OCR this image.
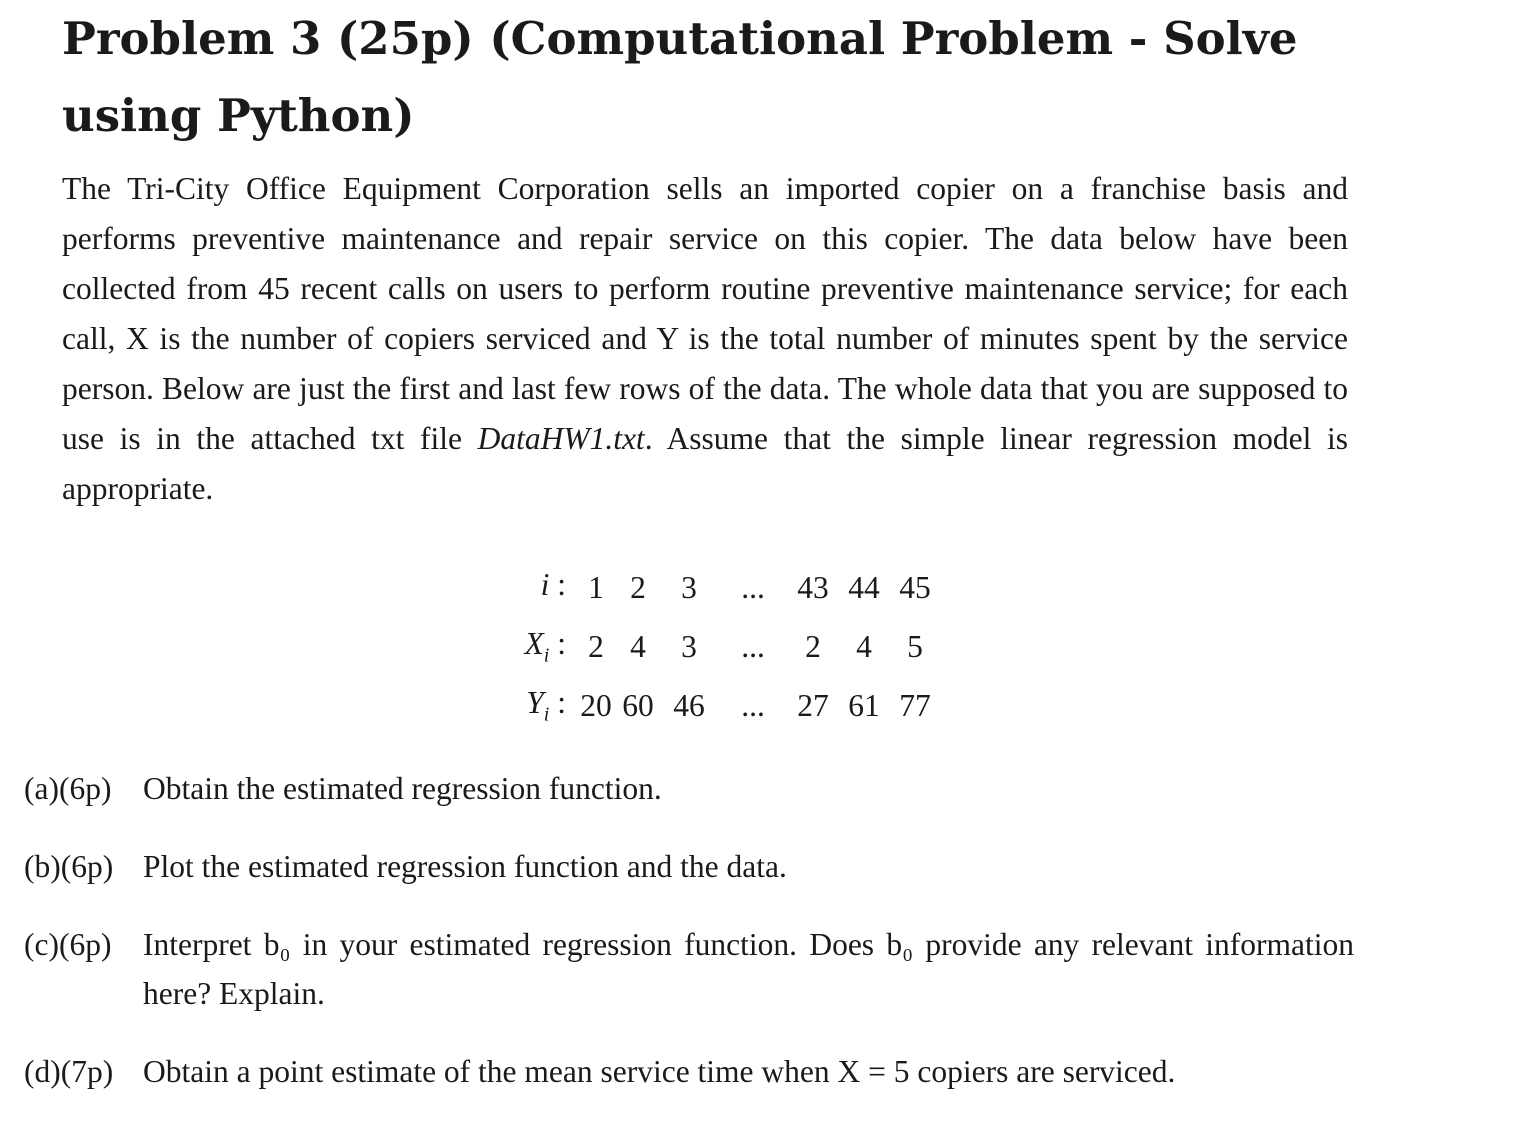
Problem 3 (25p) (Computational Problem - Solve using Python)

The Tri-City Office Equipment Corporation sells an imported copier on a franchise basis and performs preventive maintenance and repair service on this copier. The data below have been collected from 45 recent calls on users to perform routine preventive maintenance service; for each call, X is the number of copiers serviced and Y is the total number of minutes spent by the service person. Below are just the first and last few rows of the data. The whole data that you are supposed to use is in the attached txt file DataHW1.txt. Assume that the simple linear regression model is appropriate.

i :	1	2	3	...	43	44	45
$X_i$ :	2	4	3	...	2	4	5
$Y_i$ :	20	60	46	...	27	61	77
(a)(6p)	Obtain the estimated regression function.
(b)(6p) Plot the estimated regression function and the data.
(c)(6p)	Interpret b₀ in your estimated regression function. Does b₀ provide any relevant information here? Explain.
(d)(7p) Obtain a point estimate of the mean service time when X = 5 copiers are serviced.
